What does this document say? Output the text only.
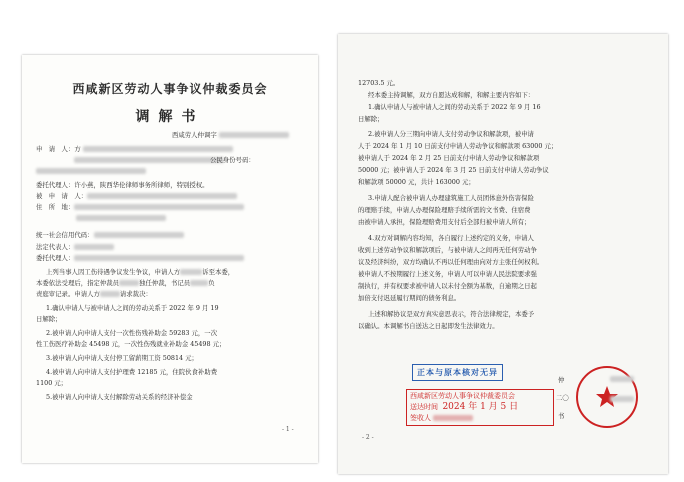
西咸新区劳动人事争议仲裁委员会
调解书
西咸劳人仲调字
申　请　人：方
公民身份号码：
委托代理人：许小燕，陕西华伦律师事务所律师，特别授权。
被　申　请　人：
住　所　地：
统一社会信用代码：
法定代表人：
委托代理人：
上列当事人因工伤待遇争议发生争议，申请人方	诉至本委，
本委依法受理后，指定仲裁员	独任仲裁，书记员	负
责庭审记录。申请人方	请求裁决：
1.确认申请人与被申请人之间的劳动关系于 2022 年 9 月 19
日解除；
2.被申请人向申请人支付一次性伤残补助金 59283 元，一次
性工伤医疗补助金 45498 元，一次性伤残就业补助金 45498 元；
3.被申请人向申请人支付停工留薪期工资 50814 元；
4.被申请人向申请人支付护理费 12185 元，住院伙食补助费
1100 元；
5.被申请人向申请人支付解除劳动关系的经济补偿金
- 1 -
12703.5 元。
经本委主持调解，双方自愿达成和解，和解主要内容如下：
1.确认申请人与被申请人之间的劳动关系于 2022 年 9 月 16
日解除；
2.被申请人分三期向申请人支付劳动争议和解款项，被申请
人于 2024 年 1 月 10 日前支付申请人劳动争议和解款项 63000 元；
被申请人于 2024 年 2 月 25 日前支付申请人劳动争议和解款项
50000 元；被申请人于 2024 年 3 月 25 日前支付申请人劳动争议
和解款项 50000 元，共计 163000 元；
3.申请人配合被申请人办理建筑施工人员团体意外伤害保险
的理赔手续，申请人办理保险理赔手续所需的文书费、住宿费
由被申请人承担，保险理赔费用支付后全部归被申请人所有；
4.双方对调解内容均知，各自履行上述约定的义务，申请人
收到上述劳动争议和解款项后，与被申请人之间再无任何劳动争
议及经济纠纷，双方均确认不再以任何理由向对方主张任何权利。
被申请人不按期履行上述义务，申请人可以申请人民法院要求强
制执行，并有权要求被申请人以未付全额为基数，自逾期之日起
加倍支付迟延履行期间的债务利息。
上述和解协议是双方真实意思表示，符合法律规定，本委予
以确认。本调解书自送达之日起即发生法律效力。
正本与原本核对无异
西咸新区劳动人事争议仲裁委员会
送达时间 2024 年 1 月 5 日
签收人
仲
二〇
书
- 2 -
